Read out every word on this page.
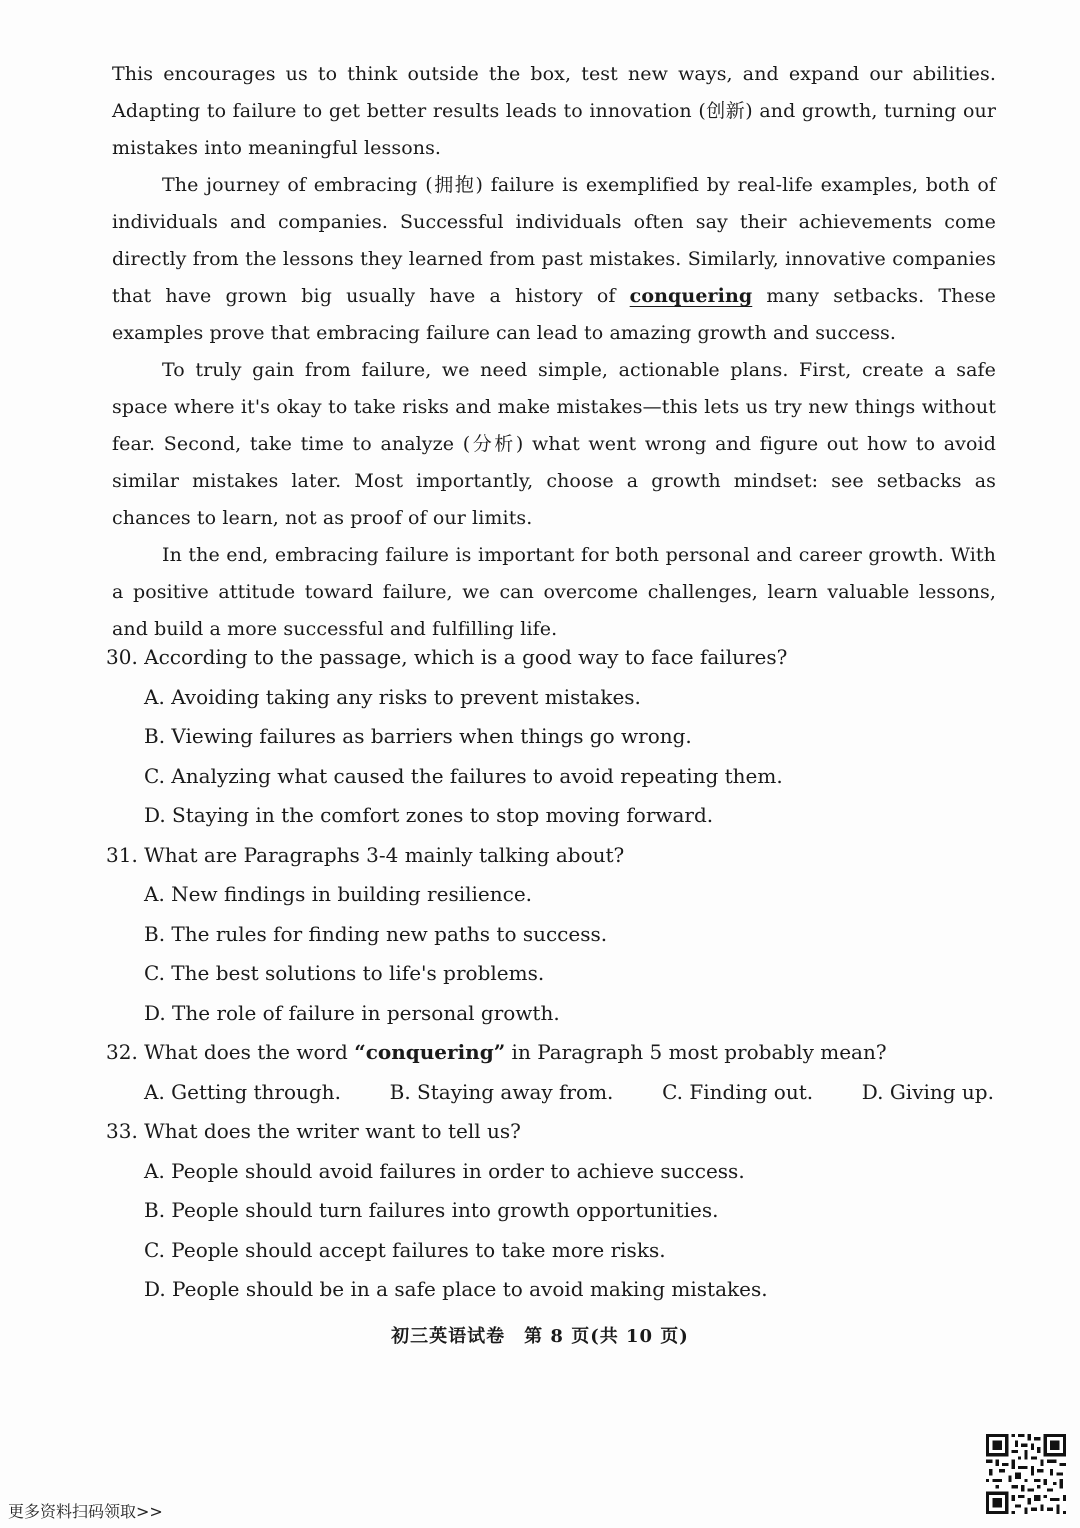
This encourages us to think outside the box, test new ways, and expand our abilities. Adapting to failure to get better results leads to innovation (创新) and growth, turning our mistakes into meaningful lessons.

The journey of embracing (拥抱) failure is exemplified by real-life examples, both of individuals and companies. Successful individuals often say their achievements come directly from the lessons they learned from past mistakes. Similarly, innovative companies that have grown big usually have a history of conquering many setbacks. These examples prove that embracing failure can lead to amazing growth and success.

To truly gain from failure, we need simple, actionable plans. First, create a safe space where it's okay to take risks and make mistakes—this lets us try new things without fear. Second, take time to analyze (分析) what went wrong and figure out how to avoid similar mistakes later. Most importantly, choose a growth mindset: see setbacks as chances to learn, not as proof of our limits.

In the end, embracing failure is important for both personal and career growth. With a positive attitude toward failure, we can overcome challenges, learn valuable lessons, and build a more successful and fulfilling life.

30. According to the passage, which is a good way to face failures?
A. Avoiding taking any risks to prevent mistakes.
B. Viewing failures as barriers when things go wrong.
C. Analyzing what caused the failures to avoid repeating them.
D. Staying in the comfort zones to stop moving forward.
31. What are Paragraphs 3-4 mainly talking about?
A. New findings in building resilience.
B. The rules for finding new paths to success.
C. The best solutions to life's problems.
D. The role of failure in personal growth.
32. What does the word “conquering” in Paragraph 5 most probably mean?
A. Getting through. B. Staying away from. C. Finding out. D. Giving up.
33. What does the writer want to tell us?
A. People should avoid failures in order to achieve success.
B. People should turn failures into growth opportunities.
C. People should accept failures to take more risks.
D. People should be in a safe place to avoid making mistakes.
初三英语试卷　第 8 页(共 10 页)
更多资料扫码领取>>
